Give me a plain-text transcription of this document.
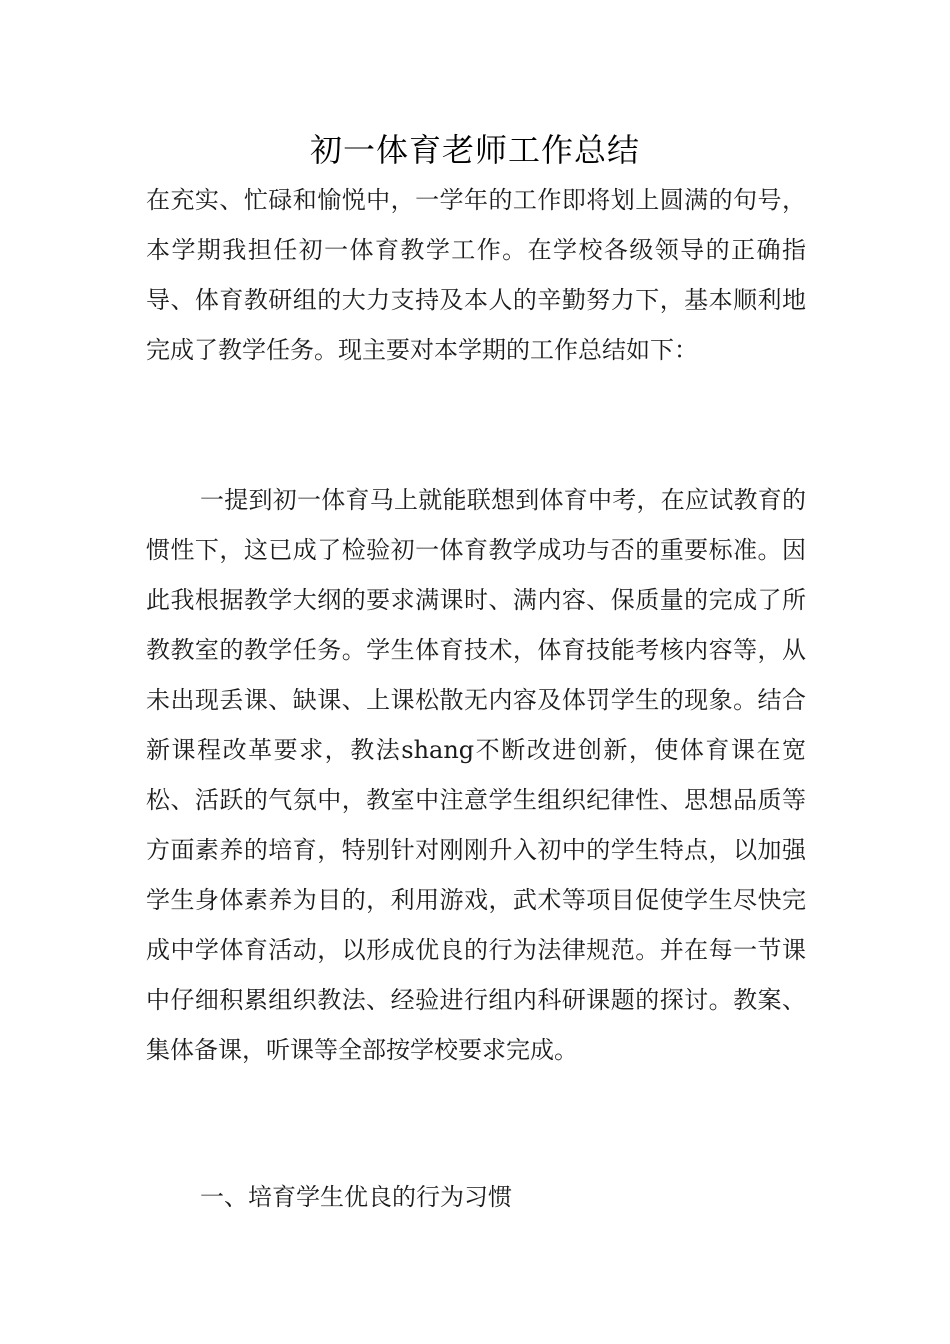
初一体育老师工作总结

在充实、忙碌和愉悦中，一学年的工作即将划上圆满的句号，本学期我担任初一体育教学工作。在学校各级领导的正确指导、体育教研组的大力支持及本人的辛勤努力下，基本顺利地完成了教学任务。现主要对本学期的工作总结如下：

一提到初一体育马上就能联想到体育中考，在应试教育的惯性下，这已成了检验初一体育教学成功与否的重要标准。因此我根据教学大纲的要求满课时、满内容、保质量的完成了所教教室的教学任务。学生体育技术，体育技能考核内容等，从未出现丢课、缺课、上课松散无内容及体罚学生的现象。结合新课程改革要求，教法shang不断改进创新，使体育课在宽松、活跃的气氛中，教室中注意学生组织纪律性、思想品质等方面素养的培育，特别针对刚刚升入初中的学生特点，以加强学生身体素养为目的，利用游戏，武术等项目促使学生尽快完成中学体育活动，以形成优良的行为法律规范。并在每一节课中仔细积累组织教法、经验进行组内科研课题的探讨。教案、集体备课，听课等全部按学校要求完成。

一、培育学生优良的行为习惯
